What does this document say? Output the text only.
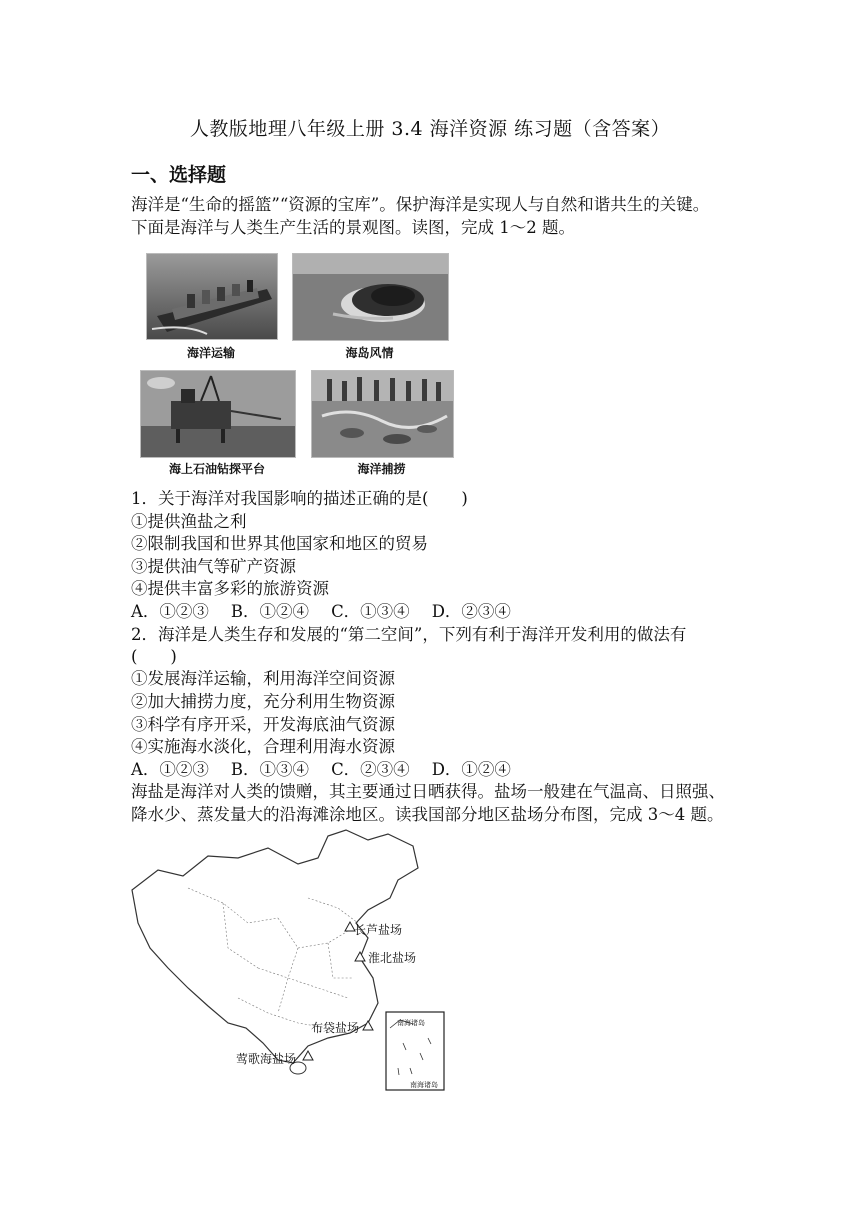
人教版地理八年级上册 3.4 海洋资源 练习题（含答案）
一、选择题
海洋是“生命的摇篮”“资源的宝库”。保护海洋是实现人与自然和谐共生的关键。
下面是海洋与人类生产生活的景观图。读图，完成 1～2 题。
海洋运输	海岛风情
海上石油钻探平台	海洋捕捞
1．关于海洋对我国影响的描述正确的是(　　)
①提供渔盐之利
②限制我国和世界其他国家和地区的贸易
③提供油气等矿产资源
④提供丰富多彩的旅游资源
A．①②③ B．①②④ C．①③④ D．②③④
2．海洋是人类生存和发展的“第二空间”，下列有利于海洋开发利用的做法有
(　　)
①发展海洋运输，利用海洋空间资源
②加大捕捞力度，充分利用生物资源
③科学有序开采，开发海底油气资源
④实施海水淡化，合理利用海水资源
A．①②③ B．①③④ C．②③④ D．①②④
海盐是海洋对人类的馈赠，其主要通过日晒获得。盐场一般建在气温高、日照强、
降水少、蒸发量大的沿海滩涂地区。读我国部分地区盐场分布图，完成 3～4 题。
长芦盐场
淮北盐场
布袋盐场
莺歌海盐场
南海诸岛
南海诸岛
